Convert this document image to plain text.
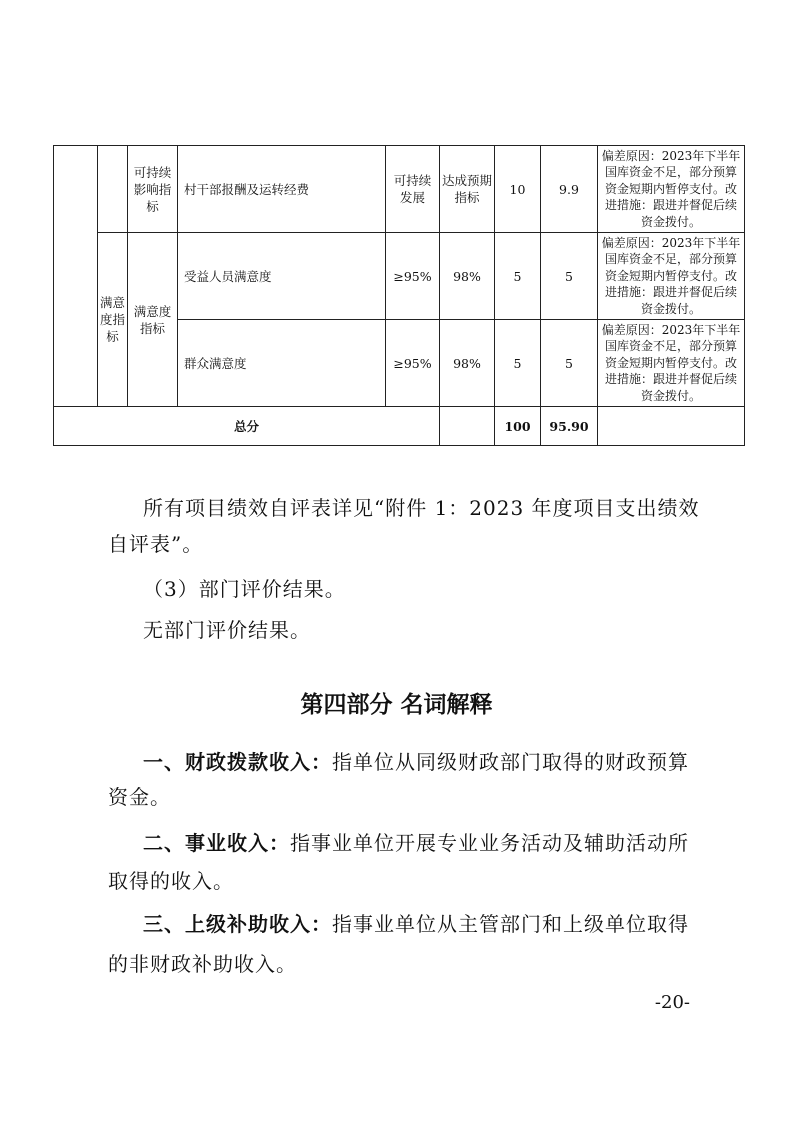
		可持续影响指标	村干部报酬及运转经费	可持续发展	达成预期指标	10	9.9	偏差原因：2023年下半年国库资金不足，部分预算资金短期内暂停支付。改进措施：跟进并督促后续资金拨付。
	满意度指标	满意度指标	受益人员满意度	≥95%	98%	5	5	偏差原因：2023年下半年国库资金不足，部分预算资金短期内暂停支付。改进措施：跟进并督促后续资金拨付。
			群众满意度	≥95%	98%	5	5	偏差原因：2023年下半年国库资金不足，部分预算资金短期内暂停支付。改进措施：跟进并督促后续资金拨付。
总分						100	95.90	
所有项目绩效自评表详见“附件 1：2023 年度项目支出绩效
自评表”。
（3）部门评价结果。
无部门评价结果。
第四部分 名词解释
一、财政拨款收入：指单位从同级财政部门取得的财政预算
资金。
二、事业收入：指事业单位开展专业业务活动及辅助活动所
取得的收入。
三、上级补助收入：指事业单位从主管部门和上级单位取得
的非财政补助收入。
-20-
